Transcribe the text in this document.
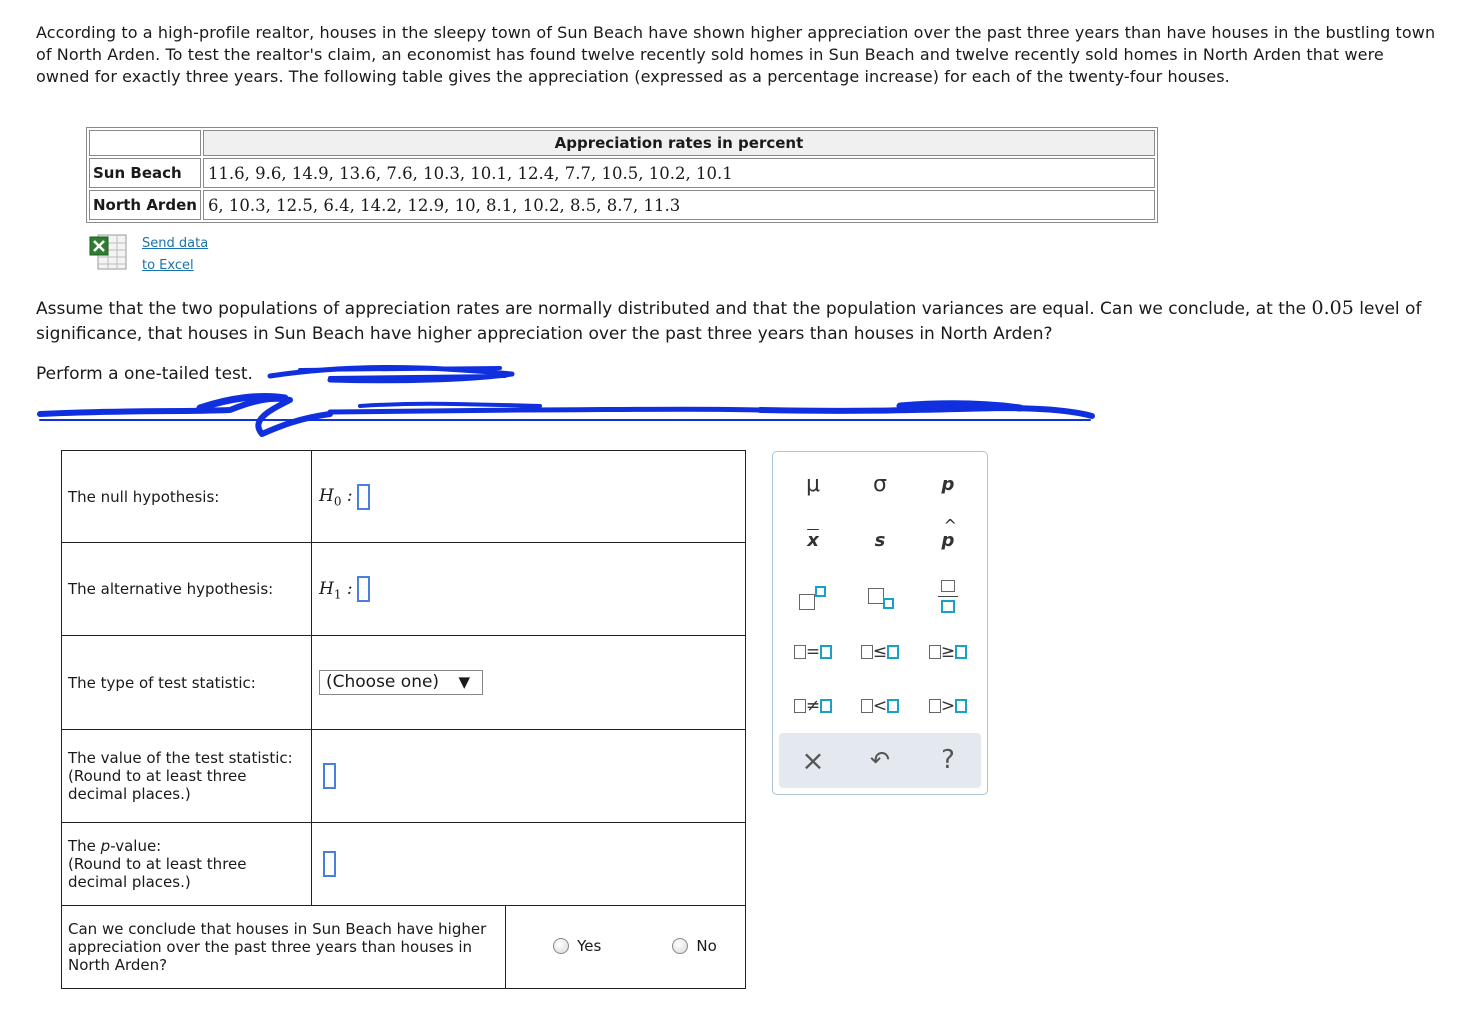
According to a high-profile realtor, houses in the sleepy town of Sun Beach have shown higher appreciation over the past three years than have houses in the bustling town of North Arden. To test the realtor's claim, an economist has found twelve recently sold homes in Sun Beach and twelve recently sold homes in North Arden that were owned for exactly three years. The following table gives the appreciation (expressed as a percentage increase) for each of the twenty-four houses.
	Appreciation rates in percent
Sun Beach	11.6, 9.6, 14.9, 13.6, 7.6, 10.3, 10.1, 12.4, 7.7, 10.5, 10.2, 10.1
North Arden	6, 10.3, 12.5, 6.4, 14.2, 12.9, 10, 8.1, 10.2, 8.5, 8.7, 11.3
Send data
to Excel
Assume that the two populations of appreciation rates are normally distributed and that the population variances are equal. Can we conclude, at the 0.05 level of significance, that houses in Sun Beach have higher appreciation over the past three years than houses in North Arden?
Perform a one-tailed test.
The null hypothesis:	$H_0$ :	
The alternative hypothesis:	$H_1$ :	
The type of test statistic:	(Choose one) ▼	

The value of the test statistic:
(Round to at least three decimal places.)		

The p-value:
(Round to at least three decimal places.)		

Can we conclude that houses in Sun Beach have higher appreciation over the past three years than houses in North Arden?		Yes
No
μ	σ	p
$\overline{x}$	s
^
p
=	≤	≥
≠	<	>
×	↶	?
